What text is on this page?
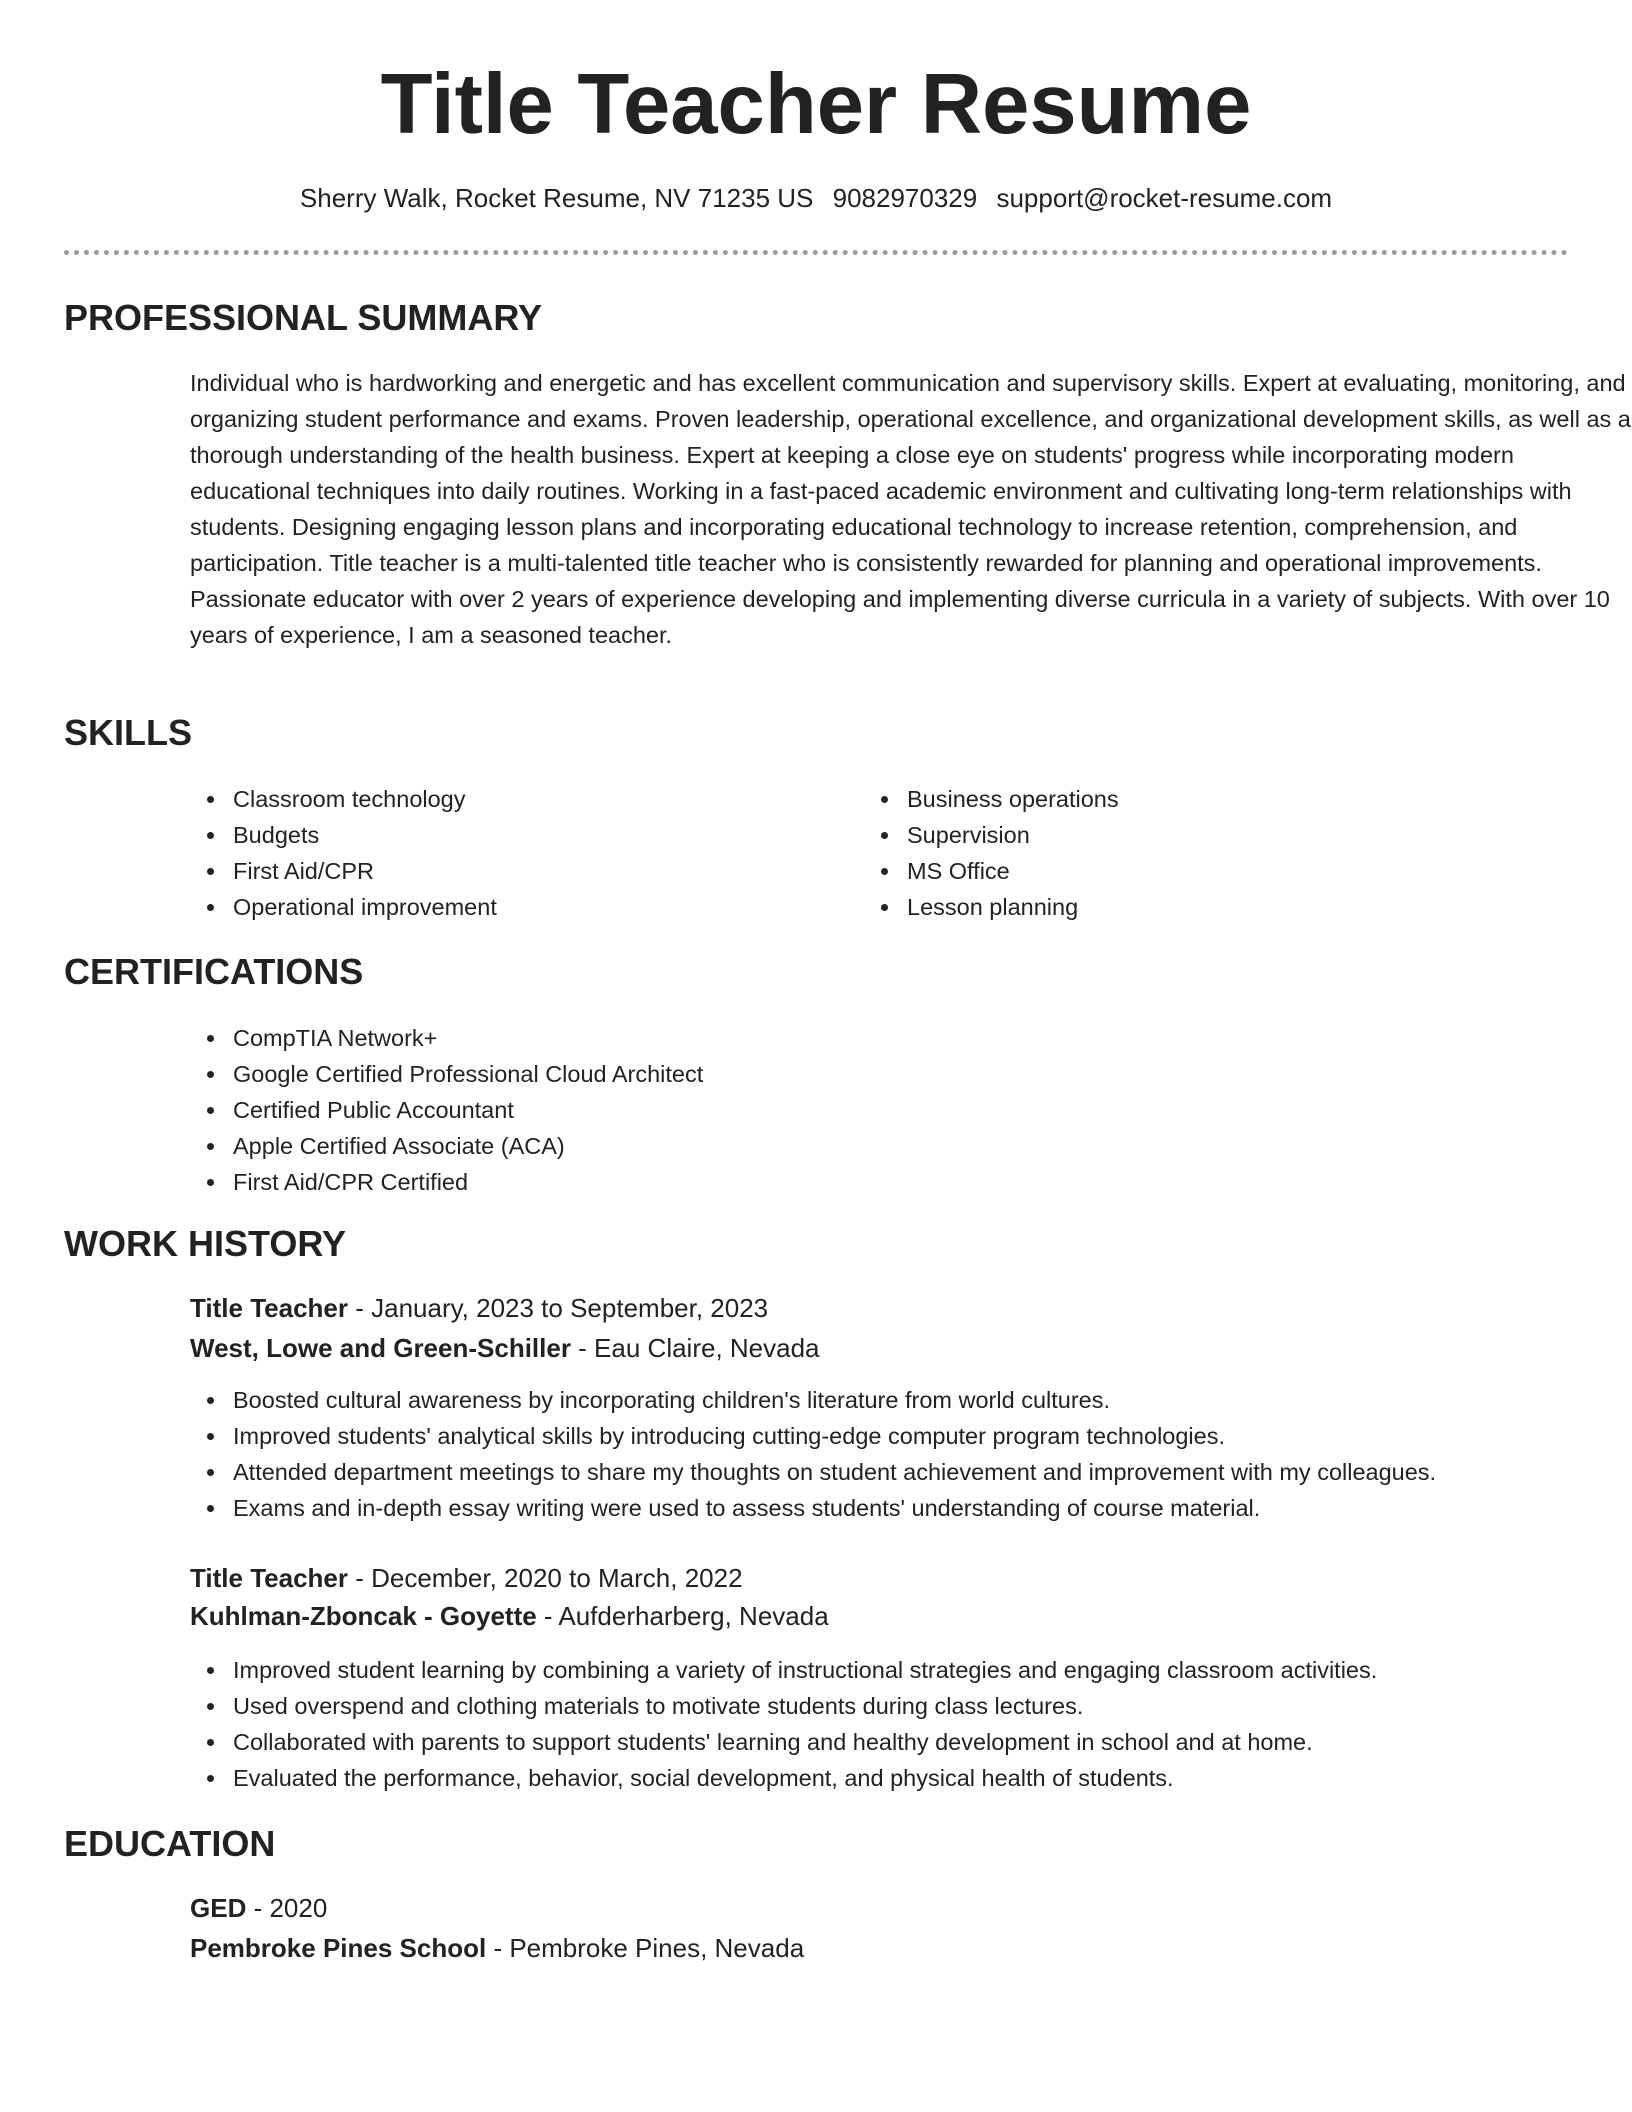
Title Teacher Resume
Sherry Walk, Rocket Resume, NV 71235 US 9082970329 support@rocket-resume.com
PROFESSIONAL SUMMARY

Individual who is hardworking and energetic and has excellent communication and supervisory skills. Expert at evaluating, monitoring, and organizing student performance and exams. Proven leadership, operational excellence, and organizational development skills, as well as a thorough understanding of the health business. Expert at keeping a close eye on students' progress while incorporating modern educational techniques into daily routines. Working in a fast-paced academic environment and cultivating long-term relationships with students. Designing engaging lesson plans and incorporating educational technology to increase retention, comprehension, and participation. Title teacher is a multi-talented title teacher who is consistently rewarded for planning and operational improvements. Passionate educator with over 2 years of experience developing and implementing diverse curricula in a variety of subjects. With over 10 years of experience, I am a seasoned teacher.

SKILLS
Classroom technology
Budgets
First Aid/CPR
Operational improvement
Business operations
Supervision
MS Office
Lesson planning
CERTIFICATIONS
CompTIA Network+
Google Certified Professional Cloud Architect
Certified Public Accountant
Apple Certified Associate (ACA)
First Aid/CPR Certified
WORK HISTORY
Title Teacher - January, 2023 to September, 2023
West, Lowe and Green-Schiller - Eau Claire, Nevada
Boosted cultural awareness by incorporating children's literature from world cultures.
Improved students' analytical skills by introducing cutting-edge computer program technologies.
Attended department meetings to share my thoughts on student achievement and improvement with my colleagues.
Exams and in-depth essay writing were used to assess students' understanding of course material.
Title Teacher - December, 2020 to March, 2022
Kuhlman-Zboncak - Goyette - Aufderharberg, Nevada
Improved student learning by combining a variety of instructional strategies and engaging classroom activities.
Used overspend and clothing materials to motivate students during class lectures.
Collaborated with parents to support students' learning and healthy development in school and at home.
Evaluated the performance, behavior, social development, and physical health of students.
EDUCATION
GED - 2020
Pembroke Pines School - Pembroke Pines, Nevada
